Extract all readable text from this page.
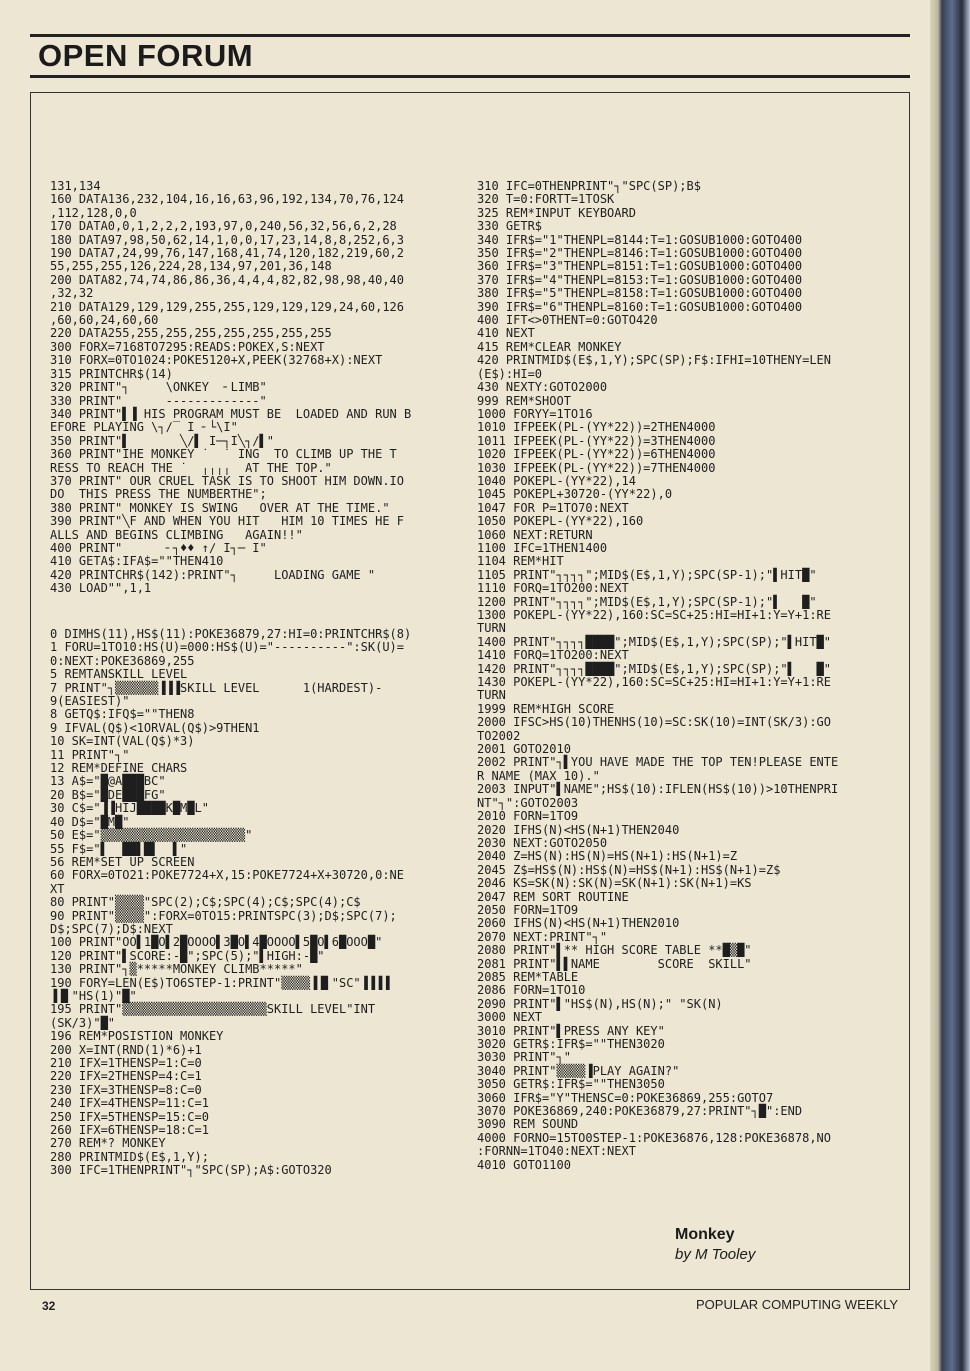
OPEN FORUM
131,134
160 DATA136,232,104,16,16,63,96,192,134,70,76,124
,112,128,0,0
170 DATA0,0,1,2,2,2,193,97,0,240,56,32,56,6,2,28
180 DATA97,98,50,62,14,1,0,0,17,23,14,8,8,252,6,3
190 DATA7,24,99,76,147,168,41,74,120,182,219,60,2
55,255,255,126,224,28,134,97,201,36,148
200 DATA82,74,74,86,86,36,4,4,4,82,82,98,98,40,40
,32,32
210 DATA129,129,129,255,255,129,129,129,24,60,126
,60,60,24,60,60
220 DATA255,255,255,255,255,255,255,255
300 FORX=7168TO7295:READS:POKEX,S:NEXT
310 FORX=0TO1024:POKE5120+X,PEEK(32768+X):NEXT
315 PRINTCHR$(14)
320 PRINT"┐     \ONKEY  ╴LIMB"
330 PRINT"      -------------"
340 PRINT"▌▐ HIS PROGRAM MUST BE  LOADED AND RUN B
EFORE PLAYING \┐∕‾ I ╴└\I"
350 PRINT"▌       ╲∕▌ I─┐I╲┐∕▌"
360 PRINT"IHE MONKEY ˙  ˙ ING  TO CLIMB UP THE T
RESS TO REACH THE ˙  ╷╷╷╷  AT THE TOP."
370 PRINT" OUR CRUEL TASK IS TO SHOOT HIM DOWN.IO
DO  THIS PRESS THE NUMBERTHE";
380 PRINT" MONKEY IS SWING   OVER AT THE TIME."
390 PRINT"╲F AND WHEN YOU HIT   HIM 10 TIMES HE F
ALLS AND BEGINS CLIMBING   AGAIN!!"
400 PRINT"      ╴┐♦♦ ↑∕ I┐─ I"
410 GETA$:IFA$=""THEN410
420 PRINTCHR$(142):PRINT"┐     LOADING GAME "
430 LOAD"",1,1

0 DIMHS(11),HS$(11):POKE36879,27:HI=0:PRINTCHR$(8)
1 FORU=1TO10:HS(U)=000:HS$(U)="----------":SK(U)=
0:NEXT:POKE36869,255
5 REMTANSKILL LEVEL
7 PRINT"┐▒▒▒▒▒▒▐▐▐SKILL LEVEL      1(HARDEST)-
9(EASIEST)"
8 GETQ$:IFQ$=""THEN8
9 IFVAL(Q$)<1ORVAL(Q$)>9THEN1
10 SK=INT(VAL(Q$)*3)
11 PRINT"┐"
12 REM*DEFINE CHARS
13 A$="█@A███BC"
20 B$="█DE███FG"
30 C$="▐▐HIJ████K█M█L"
40 D$="█M█"
50 E$="▒▒▒▒▒▒▒▒▒▒▒▒▒▒▒▒▒▒▒▒"
55 F$="▌  ██▌█▌  ▌"
56 REM*SET UP SCREEN
60 FORX=0TO21:POKE7724+X,15:POKE7724+X+30720,0:NE
XT
80 PRINT"▒▒▒▒"SPC(2);C$;SPC(4);C$;SPC(4);C$
90 PRINT"▒▒▒▒":FORX=0TO15:PRINTSPC(3);D$;SPC(7);
D$;SPC(7);D$:NEXT
100 PRINT"OO▌1█O▌2█OOOO▌3█O▌4█OOOO▌5█O▌6█OOO█"
120 PRINT"▌SCORE:-█";SPC(5);"▌HIGH:-█"
130 PRINT"┐▒*****MONKEY CLIMB*****"
190 FORY=LEN(E$)TO6STEP-1:PRINT"▒▒▒▒▐▐▌"SC"▐▐▐▐
▐▐▌"HS(1)"█"
195 PRINT"▒▒▒▒▒▒▒▒▒▒▒▒▒▒▒▒▒▒▒▒SKILL LEVEL"INT
(SK/3)"█"
196 REM*POSISTION MONKEY
200 X=INT(RND(1)*6)+1
210 IFX=1THENSP=1:C=0
220 IFX=2THENSP=4:C=1
230 IFX=3THENSP=8:C=0
240 IFX=4THENSP=11:C=1
250 IFX=5THENSP=15:C=0
260 IFX=6THENSP=18:C=1
270 REM*? MONKEY
280 PRINTMID$(E$,1,Y);
300 IFC=1THENPRINT"┐"SPC(SP);A$:GOTO320

310 IFC=0THENPRINT"┐"SPC(SP);B$
320 T=0:FORTT=1TOSK
325 REM*INPUT KEYBOARD
330 GETR$
340 IFR$="1"THENPL=8144:T=1:GOSUB1000:GOTO400
350 IFR$="2"THENPL=8146:T=1:GOSUB1000:GOTO400
360 IFR$="3"THENPL=8151:T=1:GOSUB1000:GOTO400
370 IFR$="4"THENPL=8153:T=1:GOSUB1000:GOTO400
380 IFR$="5"THENPL=8158:T=1:GOSUB1000:GOTO400
390 IFR$="6"THENPL=8160:T=1:GOSUB1000:GOTO400
400 IFT<>0THENT=0:GOTO420
410 NEXT
415 REM*CLEAR MONKEY
420 PRINTMID$(E$,1,Y);SPC(SP);F$:IFHI=10THENY=LEN
(E$):HI=0
430 NEXTY:GOTO2000
999 REM*SHOOT
1000 FORYY=1TO16
1010 IFPEEK(PL-(YY*22))=2THEN4000
1011 IFPEEK(PL-(YY*22))=3THEN4000
1020 IFPEEK(PL-(YY*22))=6THEN4000
1030 IFPEEK(PL-(YY*22))=7THEN4000
1040 POKEPL-(YY*22),14
1045 POKEPL+30720-(YY*22),0
1047 FOR P=1TO70:NEXT
1050 POKEPL-(YY*22),160
1060 NEXT:RETURN
1100 IFC=1THEN1400
1104 REM*HIT
1105 PRINT"┐┐┐┐";MID$(E$,1,Y);SPC(SP-1);"▌HIT█"
1110 FORQ=1TO200:NEXT
1200 PRINT"┐┐┐┐";MID$(E$,1,Y);SPC(SP-1);"▌   █"
1300 POKEPL-(YY*22),160:SC=SC+25:HI=HI+1:Y=Y+1:RE
TURN
1400 PRINT"┐┐┐┐████";MID$(E$,1,Y);SPC(SP);"▌HIT█"
1410 FORQ=1TO200:NEXT
1420 PRINT"┐┐┐┐████";MID$(E$,1,Y);SPC(SP);"▌   █"
1430 POKEPL-(YY*22),160:SC=SC+25:HI=HI+1:Y=Y+1:RE
TURN
1999 REM*HIGH SCORE
2000 IFSC>HS(10)THENHS(10)=SC:SK(10)=INT(SK/3):GO
TO2002
2001 GOTO2010
2002 PRINT"┐▌YOU HAVE MADE THE TOP TEN!PLEASE ENTE
R NAME (MAX 10)."
2003 INPUT"▌NAME";HS$(10):IFLEN(HS$(10))>10THENPRI
NT"┐":GOTO2003
2010 FORN=1TO9
2020 IFHS(N)<HS(N+1)THEN2040
2030 NEXT:GOTO2050
2040 Z=HS(N):HS(N)=HS(N+1):HS(N+1)=Z
2045 Z$=HS$(N):HS$(N)=HS$(N+1):HS$(N+1)=Z$
2046 KS=SK(N):SK(N)=SK(N+1):SK(N+1)=KS
2047 REM SORT ROUTINE
2050 FORN=1TO9
2060 IFHS(N)<HS(N+1)THEN2010
2070 NEXT:PRINT"┐"
2080 PRINT"▌** HIGH SCORE TABLE **█▒█"
2081 PRINT"▌▌NAME        SCORE  SKILL"
2085 REM*TABLE
2086 FORN=1TO10
2090 PRINT"▌"HS$(N),HS(N);" "SK(N)
3000 NEXT
3010 PRINT"▌PRESS ANY KEY"
3020 GETR$:IFR$=""THEN3020
3030 PRINT"┐"
3040 PRINT"▒▒▒▒▐PLAY AGAIN?"
3050 GETR$:IFR$=""THEN3050
3060 IFR$="Y"THENSC=0:POKE36869,255:GOTO7
3070 POKE36869,240:POKE36879,27:PRINT"┐█":END
3090 REM SOUND
4000 FORNO=15TO0STEP-1:POKE36876,128:POKE36878,NO
:FORNN=1TO40:NEXT:NEXT
4010 GOTO1100

Monkey
by M Tooley
32	POPULAR COMPUTING WEEKLY
